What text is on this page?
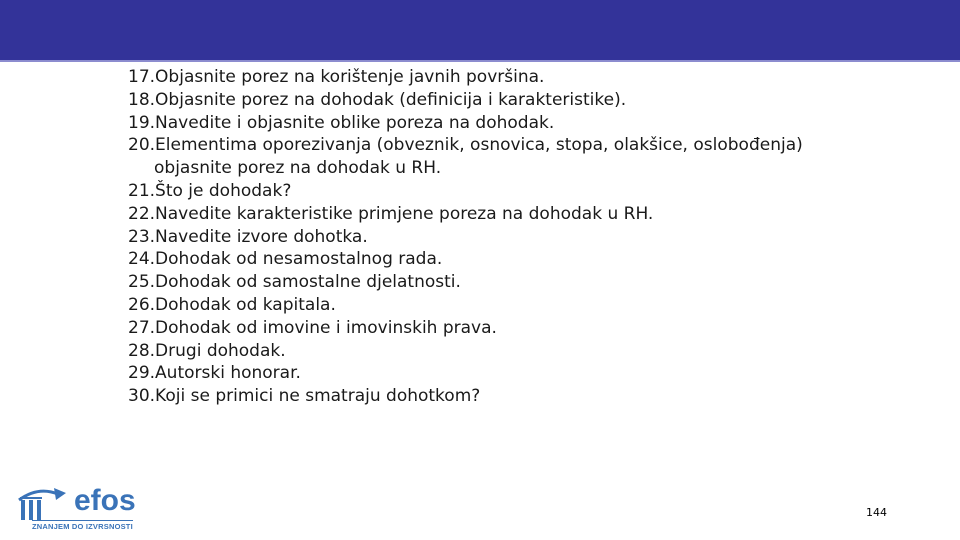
17.Objasnite porez na korištenje javnih površina.
18.Objasnite porez na dohodak (definicija i karakteristike).
19.Navedite i objasnite oblike poreza na dohodak.
20.Elementima oporezivanja (obveznik, osnovica, stopa, olakšice, oslobođenja)
objasnite porez na dohodak u RH.
21.Što je dohodak?
22.Navedite karakteristike primjene poreza na dohodak u RH.
23.Navedite izvore dohotka.
24.Dohodak od nesamostalnog rada.
25.Dohodak od samostalne djelatnosti.
26.Dohodak od kapitala.
27.Dohodak od imovine i imovinskih prava.
28.Drugi dohodak.
29.Autorski honorar.
30.Koji se primici ne smatraju dohotkom?
efos
ZNANJEM DO IZVRSNOSTI
144
